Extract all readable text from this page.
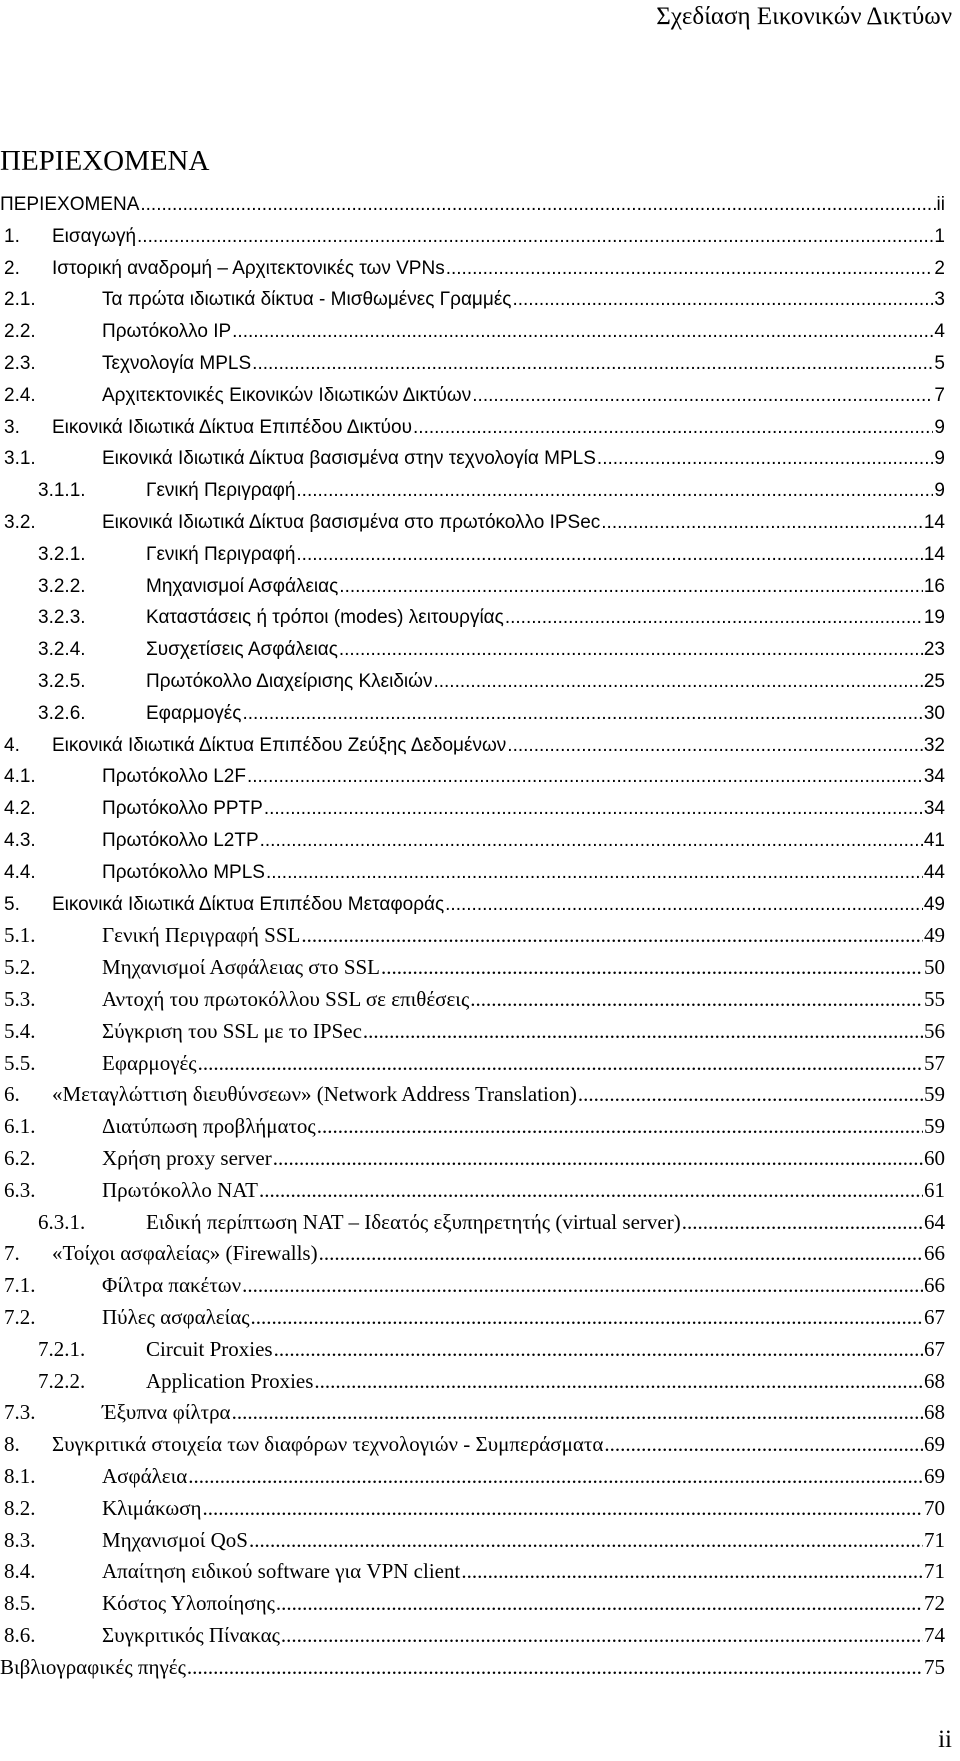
Σχεδίαση Εικονικών Δικτύων
ΠΕΡΙΕΧΟΜΕΝΑ
ΠΕΡΙΕΧΟΜΕΝΑ .....	ii
1.	Εισαγωγή .....	1
2.	Ιστορική αναδρομή – Αρχιτεκτονικές των VPNs .....	2
2.1.	Τα πρώτα ιδιωτικά δίκτυα - Μισθωμένες Γραμμές .....	3
2.2.	Πρωτόκολλο IP .....	4
2.3.	Τεχνολογία MPLS .....	5
2.4.	Αρχιτεκτονικές Εικονικών Ιδιωτικών Δικτύων .....	7
3.	Εικονικά Ιδιωτικά Δίκτυα Επιπέδου Δικτύου .....	9
3.1.	Εικονικά Ιδιωτικά Δίκτυα βασισμένα στην τεχνολογία MPLS .....	9
3.1.1.	Γενική Περιγραφή .....	9
3.2.	Εικονικά Ιδιωτικά Δίκτυα βασισμένα στο πρωτόκολλο IPSec .....	14
3.2.1.	Γενική Περιγραφή .....	14
3.2.2.	Μηχανισμοί Ασφάλειας .....	16
3.2.3.	Καταστάσεις ή τρόποι (modes) λειτουργίας .....	19
3.2.4.	Συσχετίσεις Ασφάλειας .....	23
3.2.5.	Πρωτόκολλο Διαχείρισης Κλειδιών .....	25
3.2.6.	Εφαρμογές .....	30
4.	Εικονικά Ιδιωτικά Δίκτυα Επιπέδου Ζεύξης Δεδομένων .....	32
4.1.	Πρωτόκολλο L2F .....	34
4.2.	Πρωτόκολλο PPTP .....	34
4.3.	Πρωτόκολλο L2TP .....	41
4.4.	Πρωτόκολλο MPLS .....	44
5.	Εικονικά Ιδιωτικά Δίκτυα Επιπέδου Μεταφοράς .....	49
5.1.	Γενική Περιγραφή SSL .....	49
5.2.	Μηχανισμοί Ασφάλειας στο SSL .....	50
5.3.	Αντοχή του πρωτοκόλλου SSL σε επιθέσεις .....	55
5.4.	Σύγκριση του SSL με το IPSec .....	56
5.5.	Εφαρμογές .....	57
6.	«Μεταγλώττιση διευθύνσεων» (Network Address Translation) .....	59
6.1.	Διατύπωση προβλήματος .....	59
6.2.	Χρήση proxy server .....	60
6.3.	Πρωτόκολλο NAT .....	61
6.3.1.	Ειδική περίπτωση NAT – Ιδεατός εξυπηρετητής (virtual server) .....	64
7.	«Τοίχοι ασφαλείας» (Firewalls) .....	66
7.1.	Φίλτρα πακέτων .....	66
7.2.	Πύλες ασφαλείας .....	67
7.2.1.	Circuit Proxies .....	67
7.2.2.	Application Proxies .....	68
7.3.	Έξυπνα φίλτρα .....	68
8.	Συγκριτικά στοιχεία των διαφόρων τεχνολογιών - Συμπεράσματα .....	69
8.1.	Ασφάλεια .....	69
8.2.	Κλιμάκωση .....	70
8.3.	Μηχανισμοί QoS .....	71
8.4.	Απαίτηση ειδικού software για VPN client .....	71
8.5.	Κόστος Υλοποίησης .....	72
8.6.	Συγκριτικός Πίνακας .....	74
Βιβλιογραφικές πηγές .....	75
ii
